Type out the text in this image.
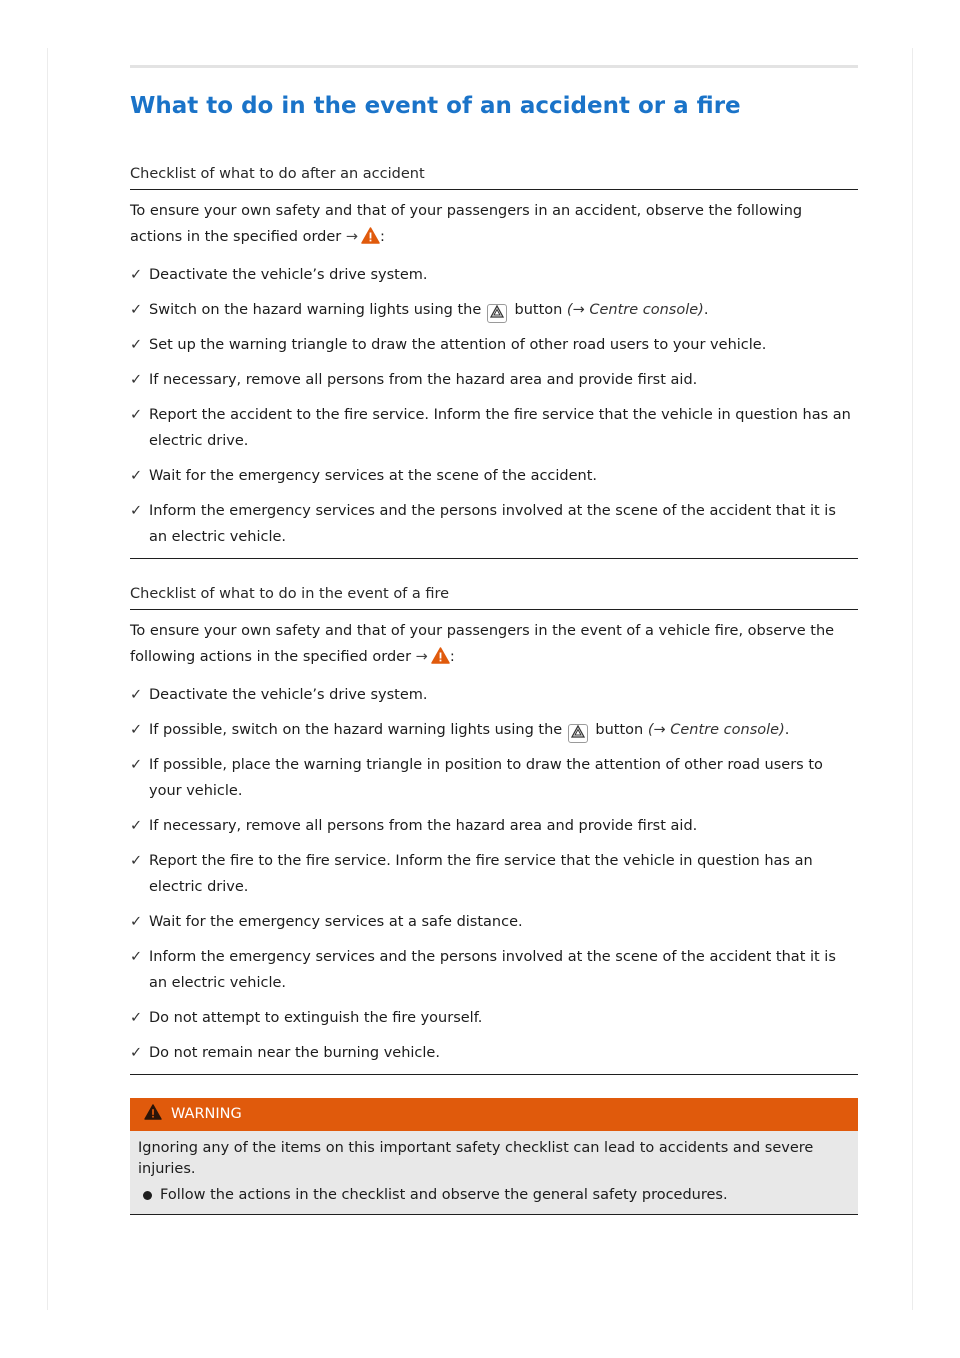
What to do in the event of an accident or a fire
Checklist of what to do after an accident
To ensure your own safety and that of your passengers in an accident, observe the following actions in the specified order → :
✓ Deactivate the vehicle’s drive system.
✓ Switch on the hazard warning lights using the button (→ Centre console).
✓ Set up the warning triangle to draw the attention of other road users to your vehicle.
✓ If necessary, remove all persons from the hazard area and provide first aid.
✓ Report the accident to the fire service. Inform the fire service that the vehicle in question has an electric drive.
✓ Wait for the emergency services at the scene of the accident.
✓ Inform the emergency services and the persons involved at the scene of the accident that it is an electric vehicle.
Checklist of what to do in the event of a fire
To ensure your own safety and that of your passengers in the event of a vehicle fire, observe the following actions in the specified order → :
✓ Deactivate the vehicle’s drive system.
✓ If possible, switch on the hazard warning lights using the button (→ Centre console).
✓ If possible, place the warning triangle in position to draw the attention of other road users to your vehicle.
✓ If necessary, remove all persons from the hazard area and provide first aid.
✓ Report the fire to the fire service. Inform the fire service that the vehicle in question has an electric drive.
✓ Wait for the emergency services at a safe distance.
✓ Inform the emergency services and the persons involved at the scene of the accident that it is an electric vehicle.
✓ Do not attempt to extinguish the fire yourself.
✓ Do not remain near the burning vehicle.
WARNING
Ignoring any of the items on this important safety checklist can lead to accidents and severe injuries.
Follow the actions in the checklist and observe the general safety procedures.
